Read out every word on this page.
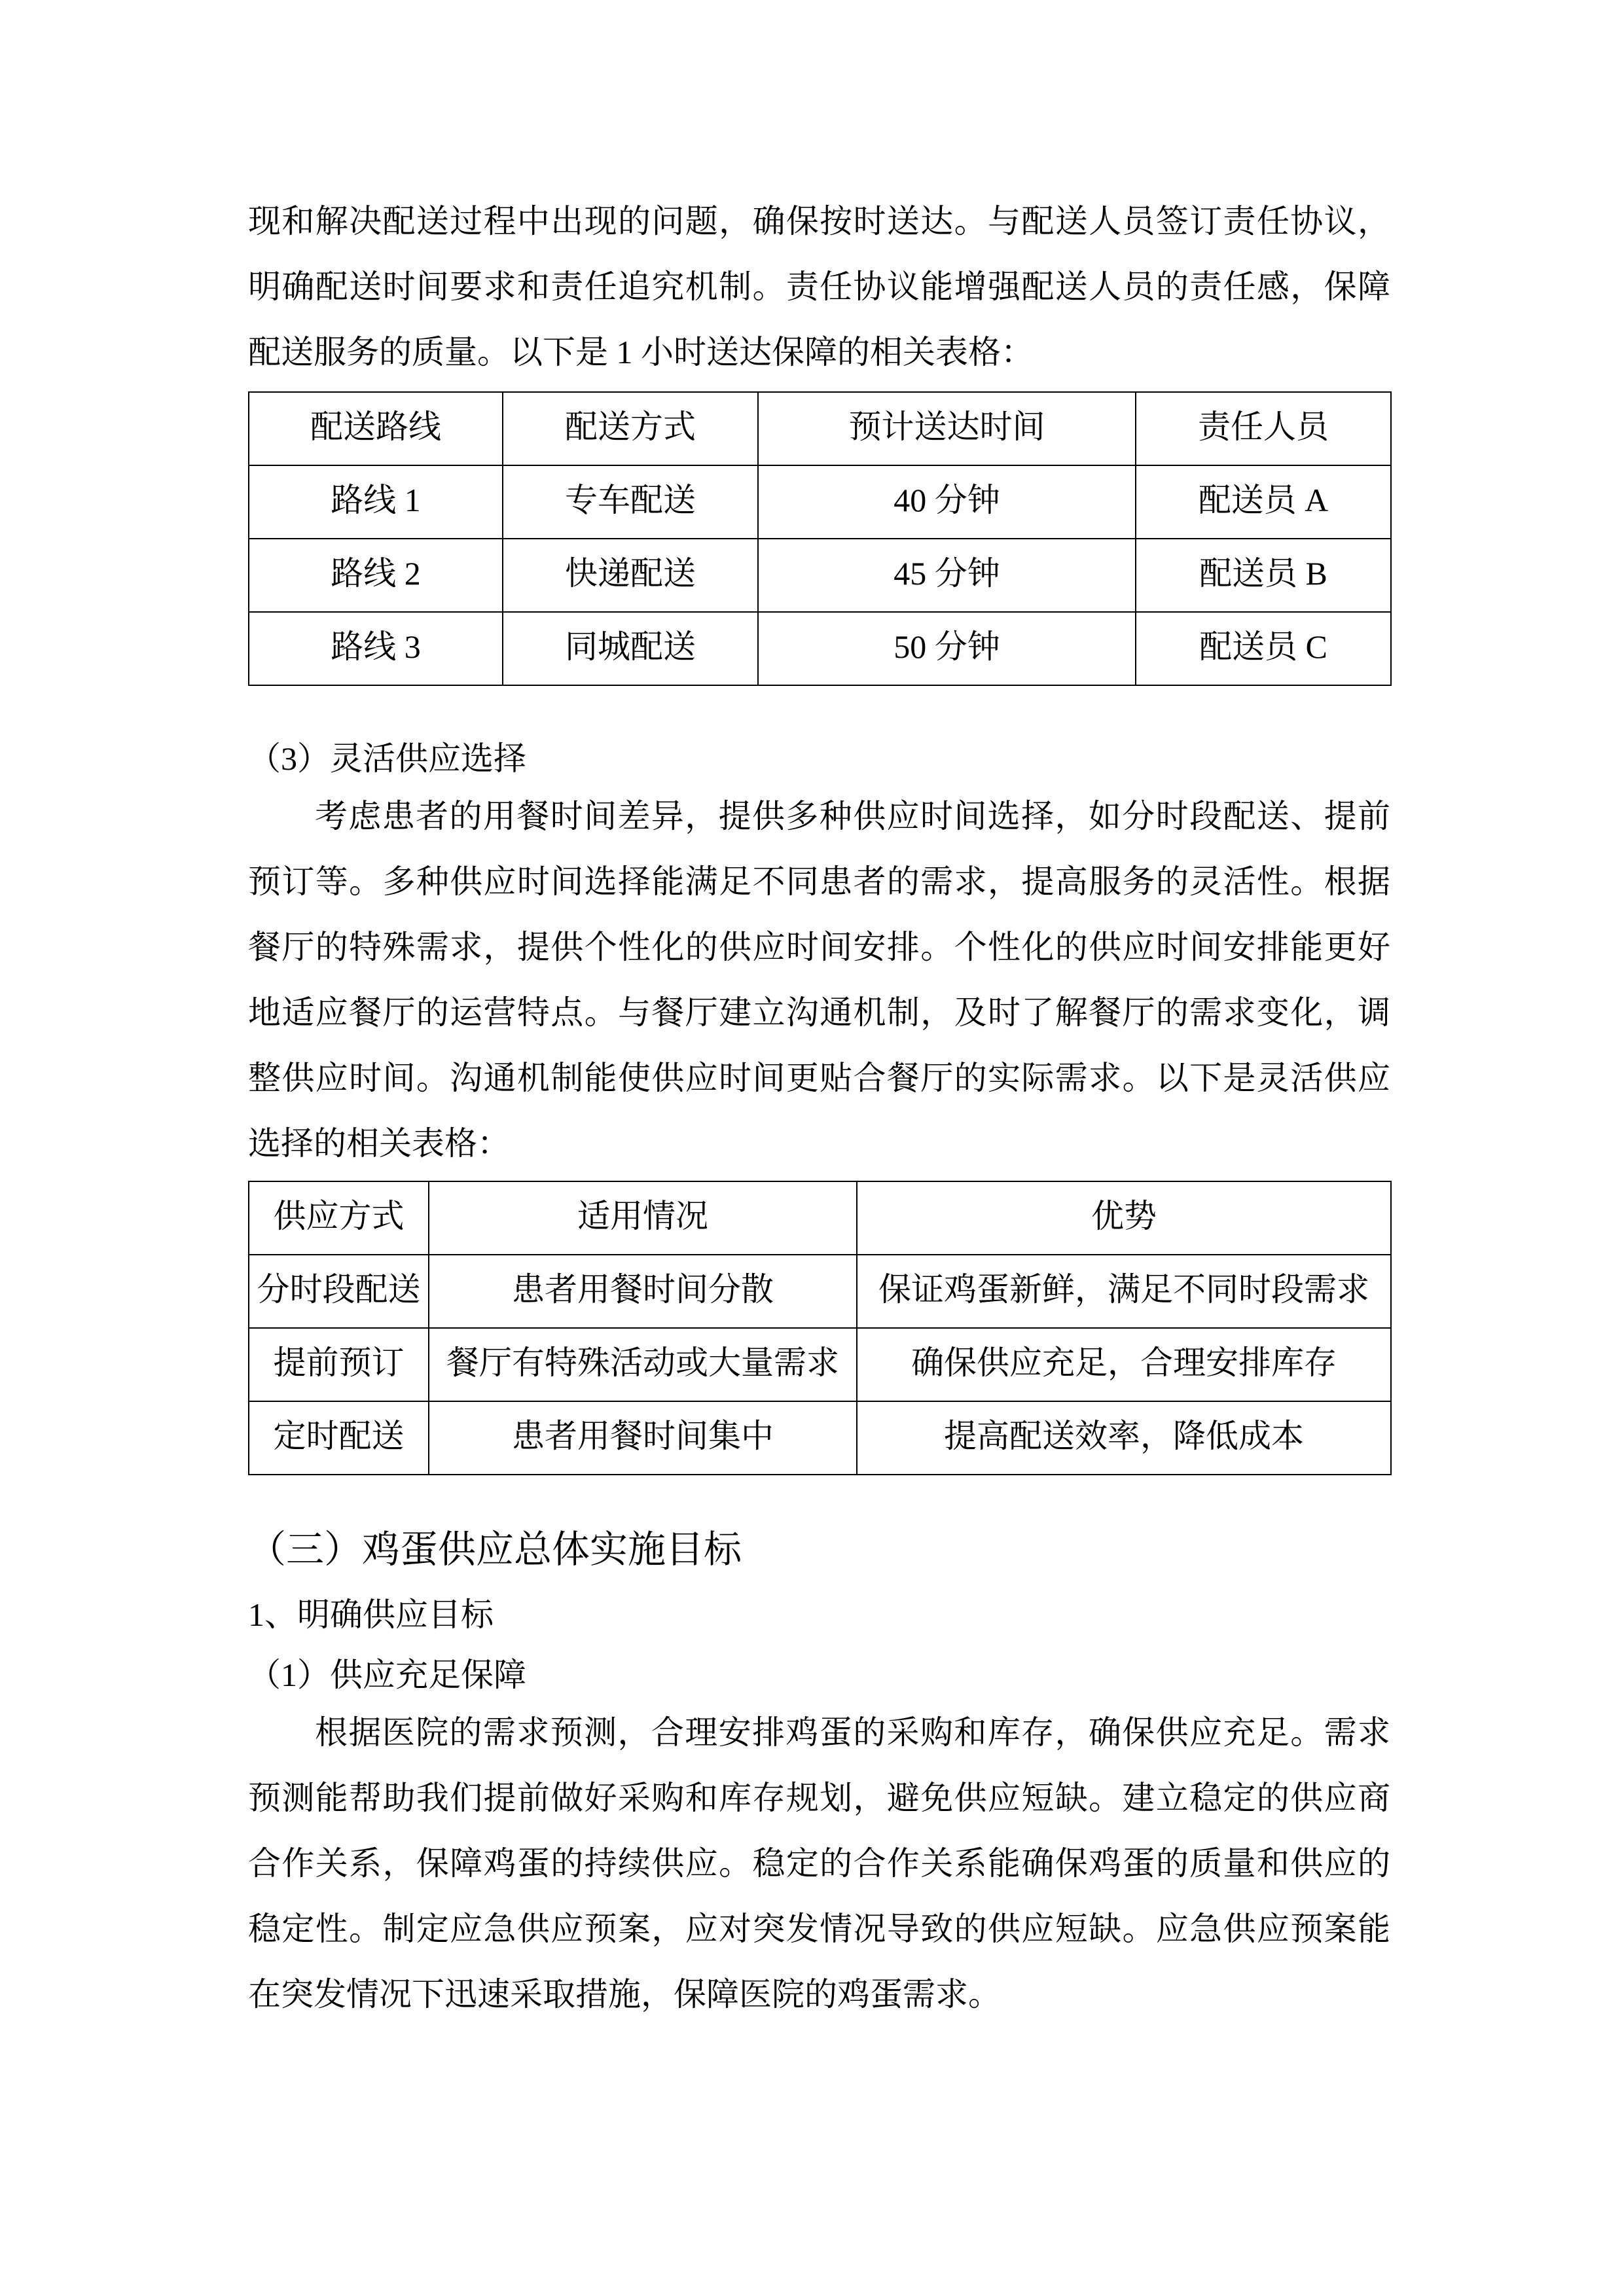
现和解决配送过程中出现的问题，确保按时送达。与配送人员签订责任协议，
明确配送时间要求和责任追究机制。责任协议能增强配送人员的责任感，保障
配送服务的质量。以下是 1 小时送达保障的相关表格：
配送路线	配送方式	预计送达时间	责任人员
路线 1	专车配送	40 分钟	配送员 A
路线 2	快递配送	45 分钟	配送员 B
路线 3	同城配送	50 分钟	配送员 C
（3）灵活供应选择
考虑患者的用餐时间差异，提供多种供应时间选择，如分时段配送、提前
预订等。多种供应时间选择能满足不同患者的需求，提高服务的灵活性。根据
餐厅的特殊需求，提供个性化的供应时间安排。个性化的供应时间安排能更好
地适应餐厅的运营特点。与餐厅建立沟通机制，及时了解餐厅的需求变化，调
整供应时间。沟通机制能使供应时间更贴合餐厅的实际需求。以下是灵活供应
选择的相关表格：
供应方式	适用情况	优势
分时段配送	患者用餐时间分散	保证鸡蛋新鲜，满足不同时段需求
提前预订	餐厅有特殊活动或大量需求	确保供应充足，合理安排库存
定时配送	患者用餐时间集中	提高配送效率，降低成本
（三）鸡蛋供应总体实施目标
1、明确供应目标
（1）供应充足保障
根据医院的需求预测，合理安排鸡蛋的采购和库存，确保供应充足。需求
预测能帮助我们提前做好采购和库存规划，避免供应短缺。建立稳定的供应商
合作关系，保障鸡蛋的持续供应。稳定的合作关系能确保鸡蛋的质量和供应的
稳定性。制定应急供应预案，应对突发情况导致的供应短缺。应急供应预案能
在突发情况下迅速采取措施，保障医院的鸡蛋需求。
